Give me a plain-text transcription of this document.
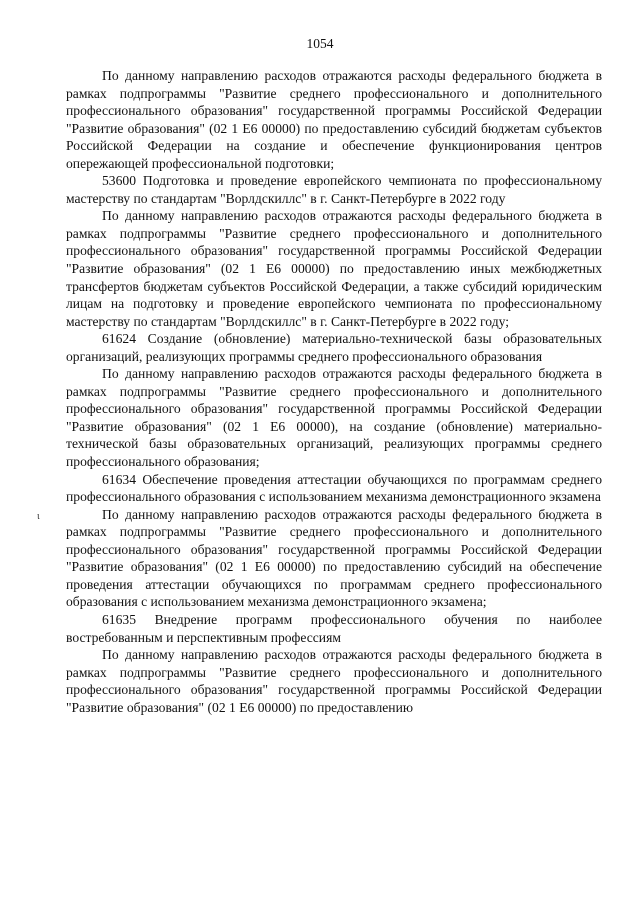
1054
ι

По данному направлению расходов отражаются расходы федерального бюджета в рамках подпрограммы "Развитие среднего профессионального и дополнительного профессионального образования" государственной программы Российской Федерации "Развитие образования" (02 1 E6 00000) по предоставлению субсидий бюджетам субъектов Российской Федерации на создание и обеспечение функционирования центров опережающей профессиональной подготовки;

53600 Подготовка и проведение европейского чемпионата по профессиональному мастерству по стандартам "Ворлдскиллс" в г. Санкт-Петербурге в 2022 году

По данному направлению расходов отражаются расходы федерального бюджета в рамках подпрограммы "Развитие среднего профессионального и дополнительного профессионального образования" государственной программы Российской Федерации "Развитие образования" (02 1 E6 00000) по предоставлению иных межбюджетных трансфертов бюджетам субъектов Российской Федерации, а также субсидий юридическим лицам на подготовку и проведение европейского чемпионата по профессиональному мастерству по стандартам "Ворлдскиллс" в г. Санкт-Петербурге в 2022 году;

61624 Создание (обновление) материально-технической базы образовательных организаций, реализующих программы среднего профессионального образования

По данному направлению расходов отражаются расходы федерального бюджета в рамках подпрограммы "Развитие среднего профессионального и дополнительного профессионального образования" государственной программы Российской Федерации "Развитие образования" (02 1 E6 00000), на создание (обновление) материально-технической базы образовательных организаций, реализующих программы среднего профессионального образования;

61634 Обеспечение проведения аттестации обучающихся по программам среднего профессионального образования с использованием механизма демонстрационного экзамена

По данному направлению расходов отражаются расходы федерального бюджета в рамках подпрограммы "Развитие среднего профессионального и дополнительного профессионального образования" государственной программы Российской Федерации "Развитие образования" (02 1 E6 00000) по предоставлению субсидий на обеспечение проведения аттестации обучающихся по программам среднего профессионального образования с использованием механизма демонстрационного экзамена;

61635 Внедрение программ профессионального обучения по наиболее востребованным и перспективным профессиям

По данному направлению расходов отражаются расходы федерального бюджета в рамках подпрограммы "Развитие среднего профессионального и дополнительного профессионального образования" государственной программы Российской Федерации "Развитие образования" (02 1 E6 00000) по предоставлению
